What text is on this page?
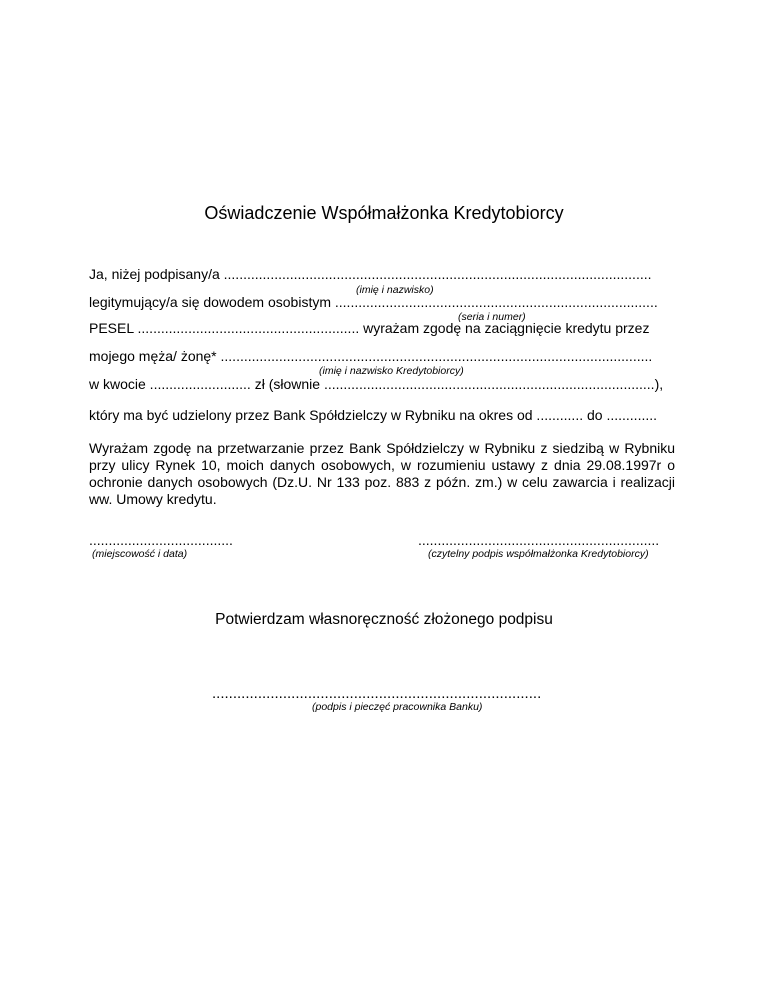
Oświadczenie Współmałżonka Kredytobiorcy
Ja, niżej podpisany/a ..............................................................................................................
(imię i nazwisko)
legitymujący/a się dowodem osobistym ...................................................................................
(seria i numer)
PESEL ......................................................... wyrażam zgodę na zaciągnięcie kredytu przez
mojego męża/ żonę* ...............................................................................................................
(imię i nazwisko Kredytobiorcy)
w kwocie .......................... zł (słownie .....................................................................................),
który ma być udzielony przez Bank Spółdzielczy w Rybniku na okres od ............ do .............
Wyrażam zgodę na przetwarzanie przez Bank Spółdzielczy w Rybniku z siedzibą w Rybniku przy ulicy Rynek 10, moich danych osobowych, w rozumieniu ustawy z dnia 29.08.1997r o ochronie danych osobowych (Dz.U. Nr 133 poz. 883 z późn. zm.) w celu zawarcia i realizacji ww. Umowy kredytu.
.....................................
(miejscowość i data)
..............................................................
(czytelny podpis współmałżonka Kredytobiorcy)
Potwierdzam własnoręczność złożonego podpisu
...............................................................................
(podpis i pieczęć pracownika Banku)
